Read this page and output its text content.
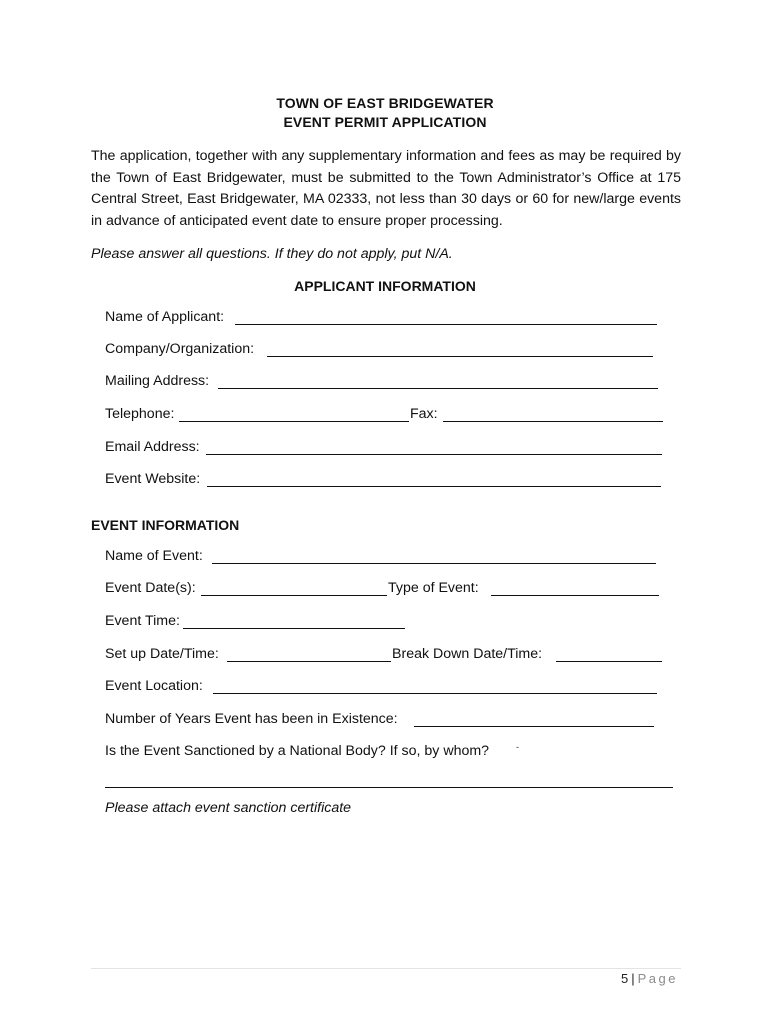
TOWN OF EAST BRIDGEWATER
EVENT PERMIT APPLICATION
The application, together with any supplementary information and fees as may be required by the Town of East Bridgewater, must be submitted to the Town Administrator’s Office at 175 Central Street, East Bridgewater, MA 02333, not less than 30 days or 60 for new/large events in advance of anticipated event date to ensure proper processing.
Please answer all questions. If they do not apply, put N/A.
APPLICANT INFORMATION
Name of Applicant:
Company/Organization:
Mailing Address:
Telephone:	Fax:
Email Address:
Event Website:
EVENT INFORMATION
Name of Event:
Event Date(s):	Type of Event:
Event Time:
Set up Date/Time:	Break Down Date/Time:
Event Location:
Number of Years Event has been in Existence:
Is the Event Sanctioned by a National Body? If so, by whom?	-
Please attach event sanction certificate
5 | Page
